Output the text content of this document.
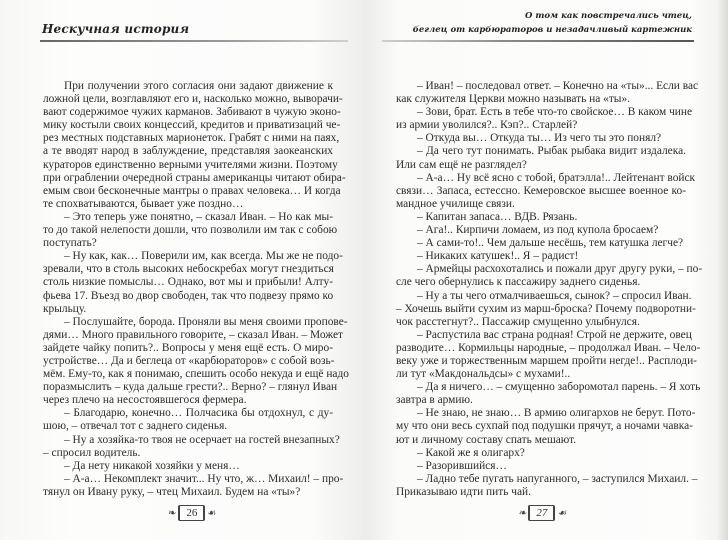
Нескучная история
При получении этого согласия они задают движение к
ложной цели, возглавляют его и, насколько можно, выворачи-
вают содержимое чужих карманов. Забивают в чужую эконо-
мику костыли своих концессий, кредитов и приватизаций че-
рез местных подставных марионеток. Грабят с ними на паях,
а те вводят народ в заблуждение, представляя заокеанских
кураторов единственно верными учителями жизни. Поэтому
при ограблении очередной страны американцы читают обира-
емым свои бесконечные мантры о правах человека… И когда
те спохватываются, бывает уже поздно…
– Это теперь уже понятно, – сказал Иван. – Но как мы-
то до такой нелепости дошли, что позволили им так с собою
поступать?
– Ну как, как… Поверили им, как всегда. Мы же не подо-
зревали, что в столь высоких небоскребах могут гнездиться
столь низкие помыслы… Однако, вот мы и прибыли! Алту-
фьева 17. Въезд во двор свободен, так что подвезу прямо ко
крыльцу.
– Послушайте, борода. Проняли вы меня своими пропове-
дями… Много правильного говорите, – сказал Иван. – Может
зайдете чайку попить?.. Вопросы у меня ещё есть. О миро-
устройстве… Да и беглеца от «карбюраторов» с собой возь-
мём. Ему-то, как я понимаю, спешить особо некуда и ещё надо
поразмыслить – куда дальше грести?.. Верно? – глянул Иван
через плечо на несостоявшегося фермера.
– Благодарю, конечно… Полчасика бы отдохнул, с ду-
шою, – отвечал тот с заднего сиденья.
– Ну а хозяйка-то твоя не осерчает на гостей внезапных?
– спросил водитель.
– Да нету никакой хозяйки у меня…
– А-а… Некомплект значит... Ну что, ж… Михаил! – про-
тянул он Ивану руку, – чтец Михаил. Будем на «ты»?
❧ 26	☙
О том как повстречались чтец,
беглец от карбюраторов и незадачливый картежник
– Иван! – последовал ответ. – Конечно на «ты»... Если вас
как служителя Церкви можно называть на «ты».
– Зови, брат. Есть в тебе что-то свойское… В каком чине
из армии уволился?.. Кэп?.. Старлей?
– Откуда вы… Откуда ты… Из чего ты это понял?
– Да чего тут понимать. Рыбак рыбака видит издалека.
Или сам ещё не разглядел?
– А-а… Ну всё ясно с тобой, братэлла!.. Лейтенант войск
связи… Запаса, естессно. Кемеровское высшее военное ко-
мандное училище связи.
– Капитан запаса… ВДВ. Рязань.
– Ага!.. Кирпичи ломаем, из под купола бросаем?
– А сами-то!.. Чем дальше несёшь, тем катушка легче?
– Никаких катушек!.. Я – радист!
– Армейцы расхохотались и пожали друг другу руки, – по-
сле чего обернулись к пассажиру заднего сиденья.
– Ну а ты чего отмалчиваешься, сынок? – спросил Иван.
– Хочешь выйти сухим из марш-броска? Почему подворотни-
чок расстегнут?.. Пассажир смущенно улыбнулся.
– Распустила вас страна родная! Строй не держите, овец
разводите… Кормильцы народные, – продолжал Иван. – Чело-
веку уже и торжественным маршем пройти негде!.. Расплоди-
ли тут «Макдональдсы» с мухами!..
– Да я ничего… – смущенно заборомотал парень. – Я хоть
завтра в армию.
– Не знаю, не знаю… В армию олигархов не берут. Пото-
му что они весь сухпай под подушки прячут, а ночами чавка-
ют и личному составу спать мешают.
– Какой же я олигарх?
– Разорившийся…
– Ладно тебе пугать напуганного, – заступился Михаил. –
Приказываю идти пить чай.
❧ 27	☙
